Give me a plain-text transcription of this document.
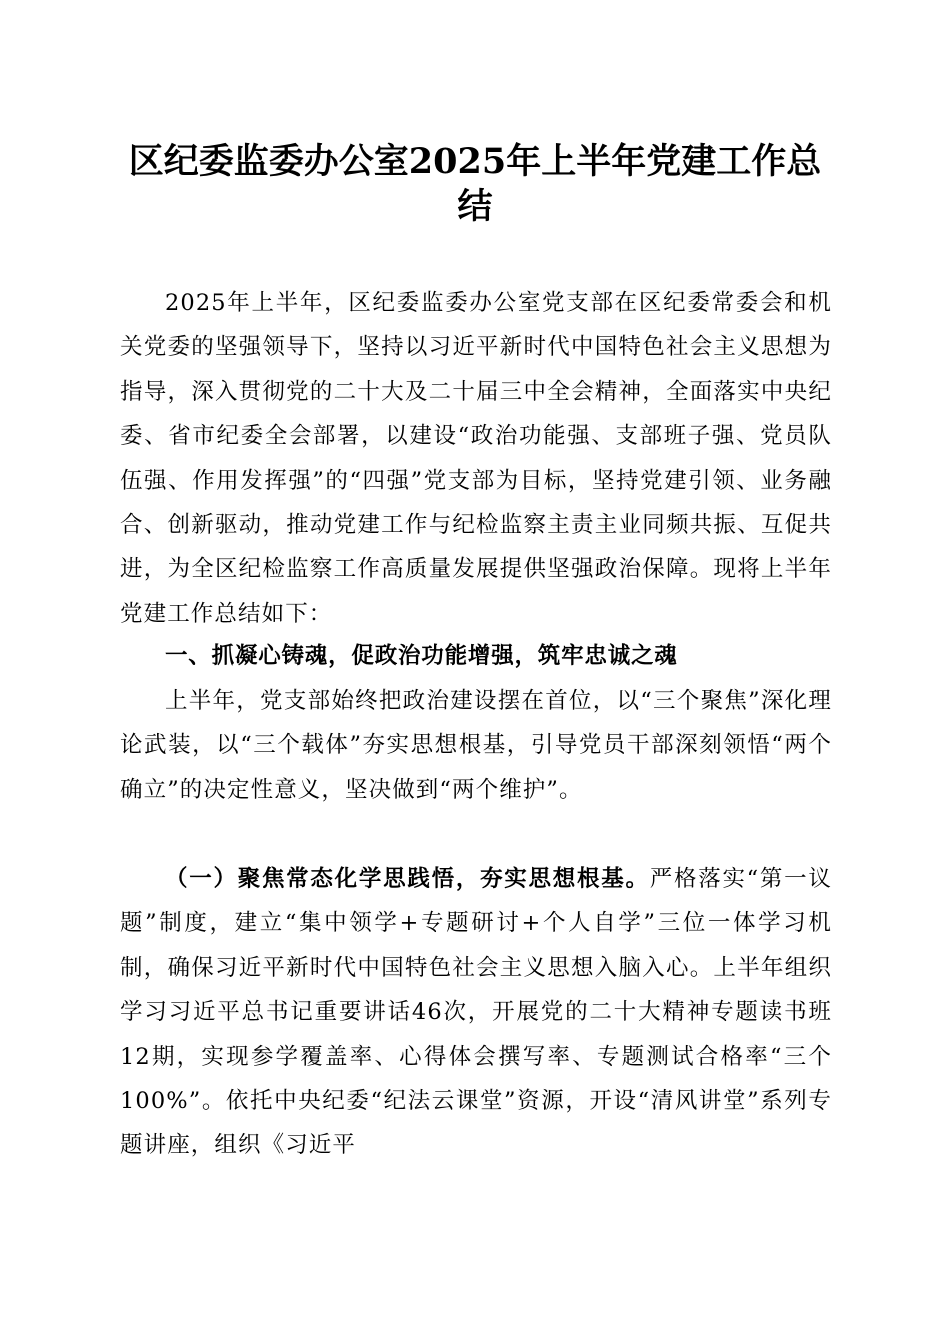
区纪委监委办公室2025年上半年党建工作总
结

2025年上半年，区纪委监委办公室党支部在区纪委常委会和机关党委的坚强领导下，坚持以习近平新时代中国特色社会主义思想为指导，深入贯彻党的二十大及二十届三中全会精神，全面落实中央纪委、省市纪委全会部署，以建设“政治功能强、支部班子强、党员队伍强、作用发挥强”的“四强”党支部为目标，坚持党建引领、业务融合、创新驱动，推动党建工作与纪检监察主责主业同频共振、互促共进，为全区纪检监察工作高质量发展提供坚强政治保障。现将上半年党建工作总结如下：

一、抓凝心铸魂，促政治功能增强，筑牢忠诚之魂

上半年，党支部始终把政治建设摆在首位，以“三个聚焦”深化理论武装，以“三个载体”夯实思想根基，引导党员干部深刻领悟“两个确立”的决定性意义，坚决做到“两个维护”。

（一）聚焦常态化学思践悟，夯实思想根基。严格落实“第一议题”制度，建立“集中领学+专题研讨+个人自学”三位一体学习机制，确保习近平新时代中国特色社会主义思想入脑入心。上半年组织学习习近平总书记重要讲话46次，开展党的二十大精神专题读书班12期，实现参学覆盖率、心得体会撰写率、专题测试合格率“三个100%”。依托中央纪委“纪法云课堂”资源，开设“清风讲堂”系列专题讲座，组织《习近平
